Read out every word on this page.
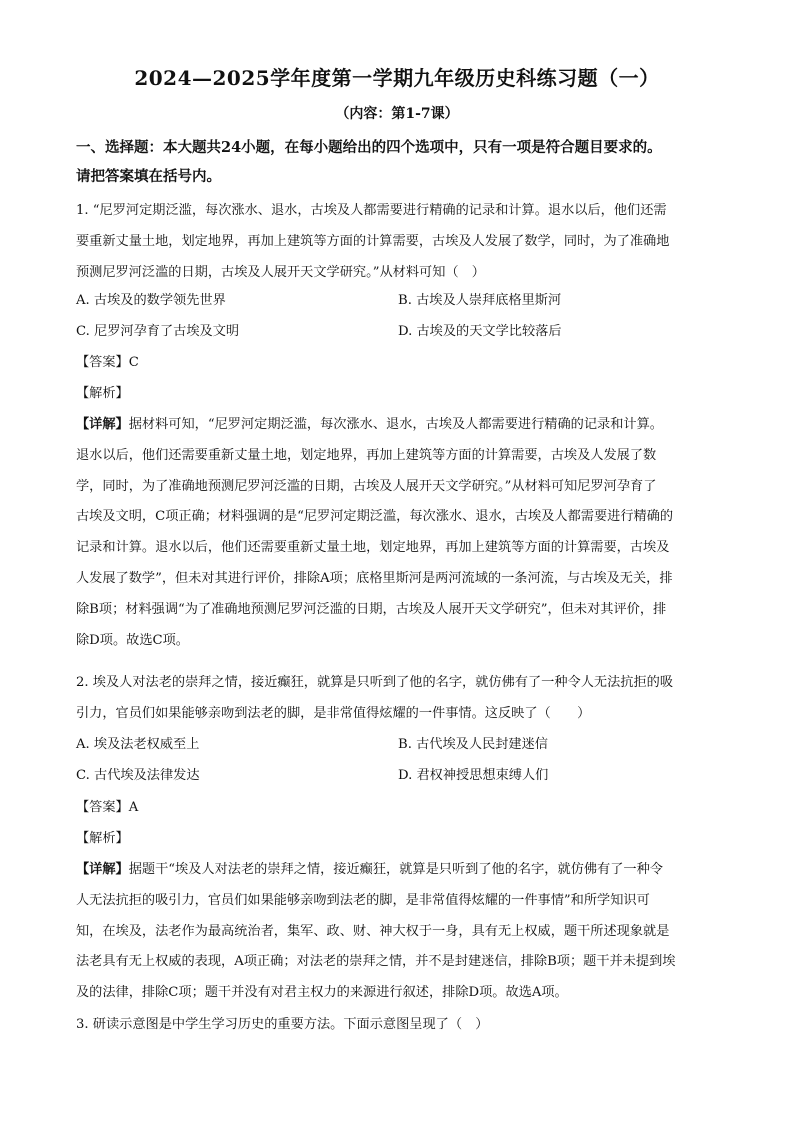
2024—2025学年度第一学期九年级历史科练习题（一）
（内容：第1-7课）
一、选择题：本大题共24小题，在每小题给出的四个选项中，只有一项是符合题目要求的。
请把答案填在括号内。
1. “尼罗河定期泛滥，每次涨水、退水，古埃及人都需要进行精确的记录和计算。退水以后，他们还需
要重新丈量土地，划定地界，再加上建筑等方面的计算需要，古埃及人发展了数学，同时，为了准确地
预测尼罗河泛滥的日期，古埃及人展开天文学研究。”从材料可知（　）
A. 古埃及的数学领先世界	B. 古埃及人崇拜底格里斯河
C. 尼罗河孕育了古埃及文明	D. 古埃及的天文学比较落后
【答案】C
【解析】
【详解】据材料可知，“尼罗河定期泛滥，每次涨水、退水，古埃及人都需要进行精确的记录和计算。
退水以后，他们还需要重新丈量土地，划定地界，再加上建筑等方面的计算需要，古埃及人发展了数
学，同时，为了准确地预测尼罗河泛滥的日期，古埃及人展开天文学研究。”从材料可知尼罗河孕育了
古埃及文明，C项正确；材料强调的是“尼罗河定期泛滥，每次涨水、退水，古埃及人都需要进行精确的
记录和计算。退水以后，他们还需要重新丈量土地，划定地界，再加上建筑等方面的计算需要，古埃及
人发展了数学”，但未对其进行评价，排除A项；底格里斯河是两河流域的一条河流，与古埃及无关，排
除B项；材料强调“为了准确地预测尼罗河泛滥的日期，古埃及人展开天文学研究”，但未对其评价，排
除D项。故选C项。
2. 埃及人对法老的崇拜之情，接近癫狂，就算是只听到了他的名字，就仿佛有了一种令人无法抗拒的吸
引力，官员们如果能够亲吻到法老的脚，是非常值得炫耀的一件事情。这反映了（　　）
A. 埃及法老权威至上	B. 古代埃及人民封建迷信
C. 古代埃及法律发达	D. 君权神授思想束缚人们
【答案】A
【解析】
【详解】据题干“埃及人对法老的崇拜之情，接近癫狂，就算是只听到了他的名字，就仿佛有了一种令
人无法抗拒的吸引力，官员们如果能够亲吻到法老的脚，是非常值得炫耀的一件事情”和所学知识可
知，在埃及，法老作为最高统治者，集军、政、财、神大权于一身，具有无上权威，题干所述现象就是
法老具有无上权威的表现，A项正确；对法老的崇拜之情，并不是封建迷信，排除B项；题干并未提到埃
及的法律，排除C项；题干并没有对君主权力的来源进行叙述，排除D项。故选A项。
3. 研读示意图是中学生学习历史的重要方法。下面示意图呈现了（　）
